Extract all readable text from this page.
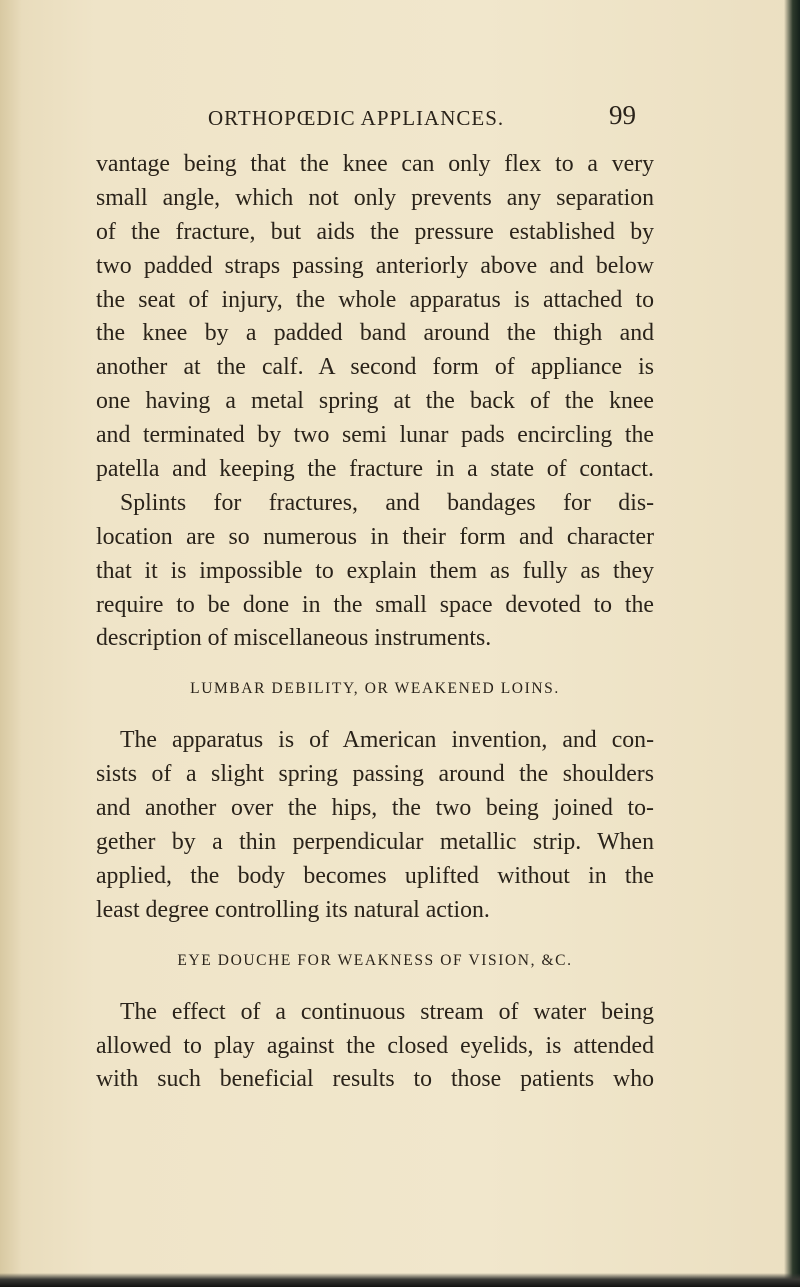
ORTHOPŒDIC APPLIANCES.	99
vantage being that the knee can only flex to a very
small angle, which not only prevents any separation
of the fracture, but aids the pressure established by
two padded straps passing anteriorly above and below
the seat of injury, the whole apparatus is attached to
the knee by a padded band around the thigh and
another at the calf. A second form of appliance is
one having a metal spring at the back of the knee
and terminated by two semi lunar pads encircling the
patella and keeping the fracture in a state of contact.
Splints for fractures, and bandages for dis-
location are so numerous in their form and character
that it is impossible to explain them as fully as they
require to be done in the small space devoted to the
description of miscellaneous instruments.
LUMBAR DEBILITY, OR WEAKENED LOINS.
The apparatus is of American invention, and con-
sists of a slight spring passing around the shoulders
and another over the hips, the two being joined to-
gether by a thin perpendicular metallic strip. When
applied, the body becomes uplifted without in the
least degree controlling its natural action.
EYE DOUCHE FOR WEAKNESS OF VISION, &C.
The effect of a continuous stream of water being
allowed to play against the closed eyelids, is attended
with such beneficial results to those patients who
